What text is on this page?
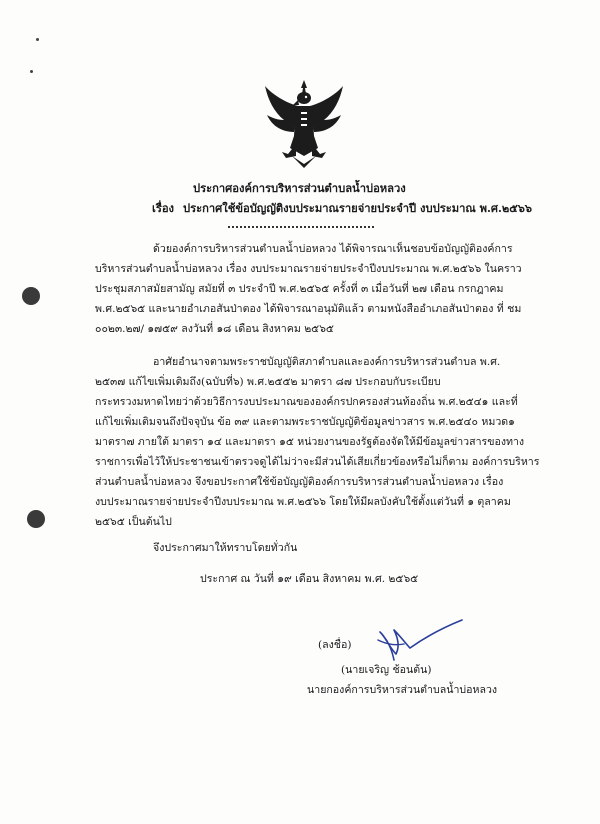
ประกาศองค์การบริหารส่วนตำบลน้ำบ่อหลวง
เรื่อง ประกาศใช้ข้อบัญญัติงบประมาณรายจ่ายประจำปี งบประมาณ พ.ศ.๒๕๖๖
ด้วยองค์การบริหารส่วนตำบลน้ำบ่อหลวง ได้พิจารณาเห็นชอบข้อบัญญัติองค์การ
บริหารส่วนตำบลน้ำบ่อหลวง เรื่อง งบประมาณรายจ่ายประจำปีงบประมาณ พ.ศ.๒๕๖๖ ในคราว
ประชุมสภาสมัยสามัญ สมัยที่ ๓ ประจำปี พ.ศ.๒๕๖๕ ครั้งที่ ๓ เมื่อวันที่ ๒๗ เดือน กรกฎาคม
พ.ศ.๒๕๖๕ และนายอำเภอสันป่าตอง ได้พิจารณาอนุมัติแล้ว ตามหนังสืออำเภอสันป่าตอง ที่ ชม
๐๐๒๓.๒๗/ ๑๗๕๙ ลงวันที่ ๑๘ เดือน สิงหาคม ๒๕๖๕
อาศัยอำนาจตามพระราชบัญญัติสภาตำบลและองค์การบริหารส่วนตำบล พ.ศ.
๒๕๓๗ แก้ไขเพิ่มเติมถึง(ฉบับที่๖) พ.ศ.๒๕๕๒ มาตรา ๘๗ ประกอบกับระเบียบ
กระทรวงมหาดไทยว่าด้วยวิธีการงบประมาณขององค์กรปกครองส่วนท้องถิ่น พ.ศ.๒๕๔๑ และที่
แก้ไขเพิ่มเติมจนถึงปัจจุบัน ข้อ ๓๙ และตามพระราชบัญญัติข้อมูลข่าวสาร พ.ศ.๒๕๔๐ หมวด๑
มาตรา๗ ภายใต้ มาตรา ๑๔ และมาตรา ๑๕ หน่วยงานของรัฐต้องจัดให้มีข้อมูลข่าวสารของทาง
ราชการเพื่อไว้ให้ประชาชนเข้าตรวจดูได้ไม่ว่าจะมีส่วนได้เสียเกี่ยวข้องหรือไม่ก็ตาม องค์การบริหาร
ส่วนตำบลน้ำบ่อหลวง จึงขอประกาศใช้ข้อบัญญัติองค์การบริหารส่วนตำบลน้ำบ่อหลวง เรื่อง
งบประมาณรายจ่ายประจำปีงบประมาณ พ.ศ.๒๕๖๖ โดยให้มีผลบังคับใช้ตั้งแต่วันที่ ๑ ตุลาคม
๒๕๖๕ เป็นต้นไป
จึงประกาศมาให้ทราบโดยทั่วกัน
ประกาศ ณ วันที่ ๑๙ เดือน สิงหาคม พ.ศ. ๒๕๖๕
(ลงชื่อ)
(นายเจริญ ช้อนต้น)
นายกองค์การบริหารส่วนตำบลน้ำบ่อหลวง
